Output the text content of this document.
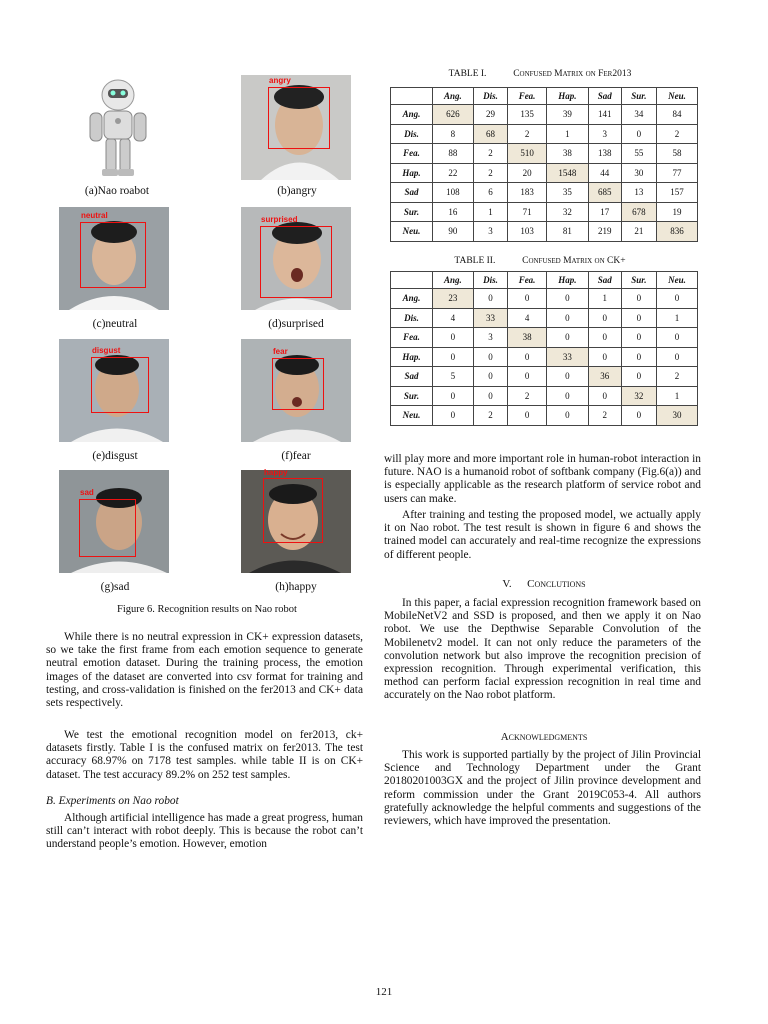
(a)Nao roabot
angry
(b)angry
neutral
(c)neutral
surprised
(d)surprised
disgust
(e)disgust
fear
(f)fear
sad
(g)sad
happy
(h)happy
Figure 6. Recognition results on Nao robot

While there is no neutral expression in CK+ expression datasets, so we take the first frame from each emotion sequence to generate neutral emotion dataset. During the training process, the emotion images of the dataset are converted into csv format for training and testing, and cross-validation is finished on the fer2013 and CK+ data sets respectively.

We test the emotional recognition model on fer2013, ck+ datasets firstly. Table I is the confused matrix on fer2013. The test accuracy 68.97% on 7178 test samples. while table II is on CK+ dataset. The test accuracy 89.2% on 252 test samples.

B. Experiments on Nao robot

Although artificial intelligence has made a great progress, human still can’t interact with robot deeply. This is because the robot can’t understand people’s emotion. However, emotion

TABLE I.	Confused Matrix on Fer2013
	Ang.	Dis.	Fea.	Hap.	Sad	Sur.	Neu.
Ang.	626	29	135	39	141	34	84
Dis.	8	68	2	1	3	0	2
Fea.	88	2	510	38	138	55	58
Hap.	22	2	20	1548	44	30	77
Sad	108	6	183	35	685	13	157
Sur.	16	1	71	32	17	678	19
Neu.	90	3	103	81	219	21	836
TABLE II.	Confused Matrix on CK+
	Ang.	Dis.	Fea.	Hap.	Sad	Sur.	Neu.
Ang.	23	0	0	0	1	0	0
Dis.	4	33	4	0	0	0	1
Fea.	0	3	38	0	0	0	0
Hap.	0	0	0	33	0	0	0
Sad	5	0	0	0	36	0	2
Sur.	0	0	2	0	0	32	1
Neu.	0	2	0	0	2	0	30

will play more and more important role in human-robot interaction in future. NAO is a humanoid robot of softbank company (Fig.6(a)) and is especially applicable as the research platform of service robot and users can make.

After training and testing the proposed model, we actually apply it on Nao robot. The test result is shown in figure 6 and shows the trained model can accurately and real-time recognize the expressions of different people.

V. Conclutions

In this paper, a facial expression recognition framework based on MobileNetV2 and SSD is proposed, and then we apply it on Nao robot. We use the Depthwise Separable Convolution of the Mobilenetv2 model. It can not only reduce the parameters of the convolution network but also improve the recognition precision of expression recognition. Through experimental verification, this method can perform facial expression recognition in real time and accurately on the Nao robot platform.

Acknowledgments

This work is supported partially by the project of Jilin Provincial Science and Technology Department under the Grant 20180201003GX and the project of Jilin province development and reform commission under the Grant 2019C053-4. All authors gratefully acknowledge the helpful comments and suggestions of the reviewers, which have improved the presentation.

121
